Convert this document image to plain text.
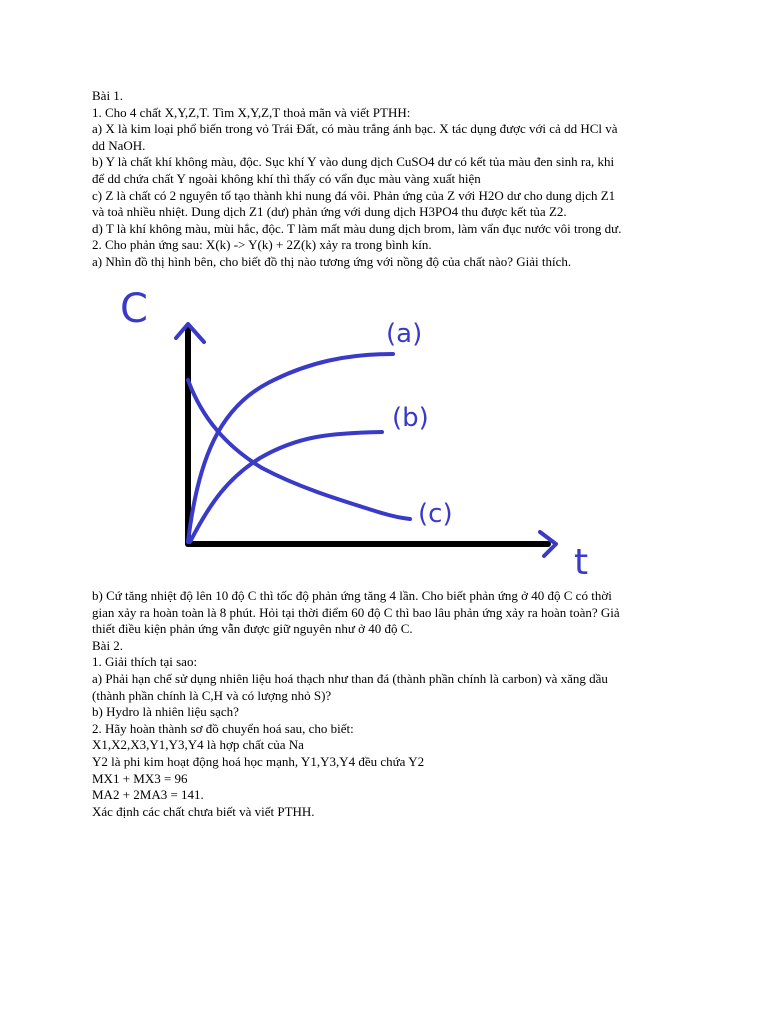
Bài 1.

1. Cho 4 chất X,Y,Z,T. Tìm X,Y,Z,T thoả mãn và viết PTHH:

a) X là kim loại phổ biến trong vỏ Trái Đất, có màu trắng ánh bạc. X tác dụng được với cả dd HCl và

dd NaOH.

b) Y là chất khí không màu, độc. Sục khí Y vào dung dịch CuSO4 dư có kết tủa màu đen sinh ra, khi

để dd chứa chất Y ngoài không khí thì thấy có vẩn đục màu vàng xuất hiện

c) Z là chất có 2 nguyên tố tạo thành khi nung đá vôi. Phản ứng của Z với H2O dư cho dung dịch Z1

và toả nhiều nhiệt. Dung dịch Z1 (dư) phản ứng với dung dịch H3PO4 thu được kết tủa Z2.

d) T là khí không màu, mùi hắc, độc. T làm mất màu dung dịch brom, làm vẩn đục nước vôi trong dư.

2. Cho phản ứng sau: X(k) -> Y(k) + 2Z(k) xảy ra trong bình kín.

a) Nhìn đồ thị hình bên, cho biết đồ thị nào tương ứng với nồng độ của chất nào? Giải thích.

C
t
(a)
(b)
(c)

b) Cứ tăng nhiệt độ lên 10 độ C thì tốc độ phản ứng tăng 4 lần. Cho biết phản ứng ở 40 độ C có thời

gian xảy ra hoàn toàn là 8 phút. Hỏi tại thời điểm 60 độ C thì bao lâu phản ứng xảy ra hoàn toàn? Giả

thiết điều kiện phản ứng vẫn được giữ nguyên như ở 40 độ C.

Bài 2.

1. Giải thích tại sao:

a) Phải hạn chế sử dụng nhiên liệu hoá thạch như than đá (thành phần chính là carbon) và xăng dầu

(thành phần chính là C,H và có lượng nhỏ S)?

b) Hydro là nhiên liệu sạch?

2. Hãy hoàn thành sơ đồ chuyển hoá sau, cho biết:

X1,X2,X3,Y1,Y3,Y4 là hợp chất của Na

Y2 là phi kim hoạt động hoá học mạnh, Y1,Y3,Y4 đều chứa Y2

MX1 + MX3 = 96

MA2 + 2MA3 = 141.

Xác định các chất chưa biết và viết PTHH.
